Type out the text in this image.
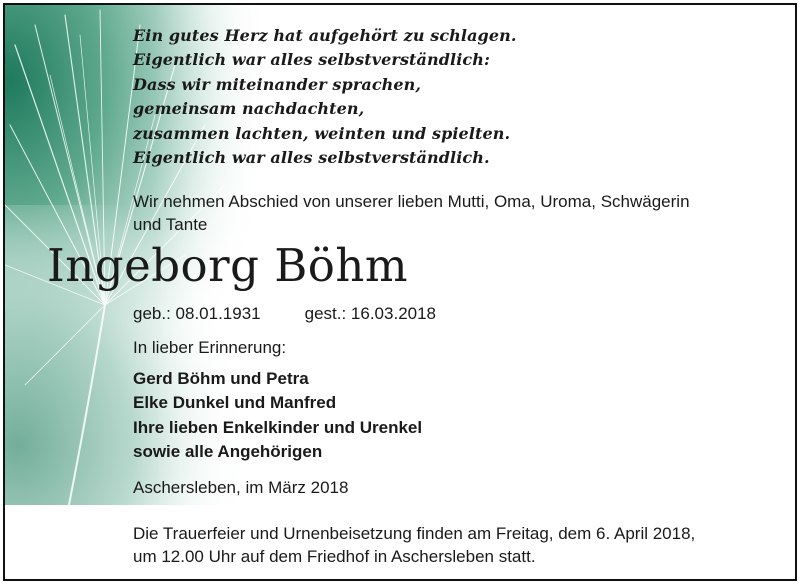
Ein gutes Herz hat aufgehört zu schlagen.
Eigentlich war alles selbstverständlich:
Dass wir miteinander sprachen,
gemeinsam nachdachten,
zusammen lachten, weinten und spielten.
Eigentlich war alles selbstverständlich.
Wir nehmen Abschied von unserer lieben Mutti, Oma, Uroma, Schwägerin
und Tante
Ingeborg Böhm
geb.: 08.01.1931	gest.: 16.03.2018
In lieber Erinnerung:
Gerd Böhm und Petra
Elke Dunkel und Manfred
Ihre lieben Enkelkinder und Urenkel
sowie alle Angehörigen
Aschersleben, im März 2018
Die Trauerfeier und Urnenbeisetzung finden am Freitag, dem 6. April 2018,
um 12.00 Uhr auf dem Friedhof in Aschersleben statt.
